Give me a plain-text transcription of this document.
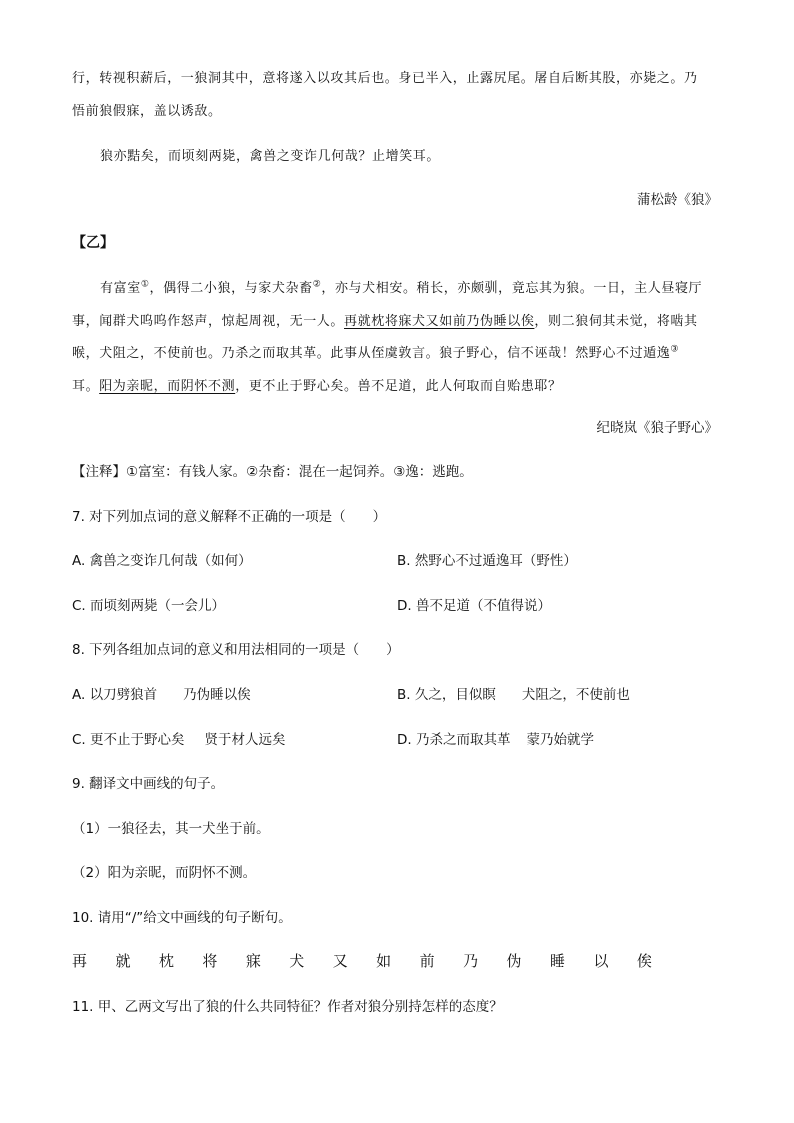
行，转视积薪后，一狼洞其中，意将遂入以攻其后也。身已半入，止露尻尾。屠自后断其股，亦毙之。乃
悟前狼假寐，盖以诱敌。
狼亦黠矣，而顷刻两毙，禽兽之变诈几何哉？止增笑耳。
蒲松龄《狼》
【乙】
有富室①，偶得二小狼，与家犬杂畜②，亦与犬相安。稍长，亦颇驯，竟忘其为狼。一日，主人昼寝厅
事，闻群犬呜呜作怒声，惊起周视，无一人。再就枕将寐犬又如前乃伪睡以俟，则二狼伺其未觉，将啮其
喉，犬阻之，不使前也。乃杀之而取其革。此事从侄虞敦言。狼子野心，信不诬哉！然野心不过遁逸③
耳。阳为亲昵，而阴怀不测，更不止于野心矣。兽不足道，此人何取而自贻患耶？
纪晓岚《狼子野心》
【注释】①富室：有钱人家。②杂畜：混在一起饲养。③逸：逃跑。
7. 对下列加点词的意义解释不正确的一项是（　　）
A. 禽兽之变诈几何哉（如何）	B. 然野心不过遁逸耳（野性）
C. 而顷刻两毙（一会儿）	D. 兽不足道（不值得说）
8. 下列各组加点词的意义和用法相同的一项是（　　）
A. 以刀劈狼首 乃伪睡以俟	B. 久之，目似瞑 犬阻之，不使前也
C. 更不止于野心矣 贤于材人远矣	D. 乃杀之而取其革 蒙乃始就学
9. 翻译文中画线的句子。
（1）一狼径去，其一犬坐于前。
（2）阳为亲昵，而阴怀不测。
10. 请用“/”给文中画线的句子断句。
再 就 枕 将 寐 犬 又 如 前 乃 伪 睡 以 俟
11. 甲、乙两文写出了狼的什么共同特征？作者对狼分别持怎样的态度？
